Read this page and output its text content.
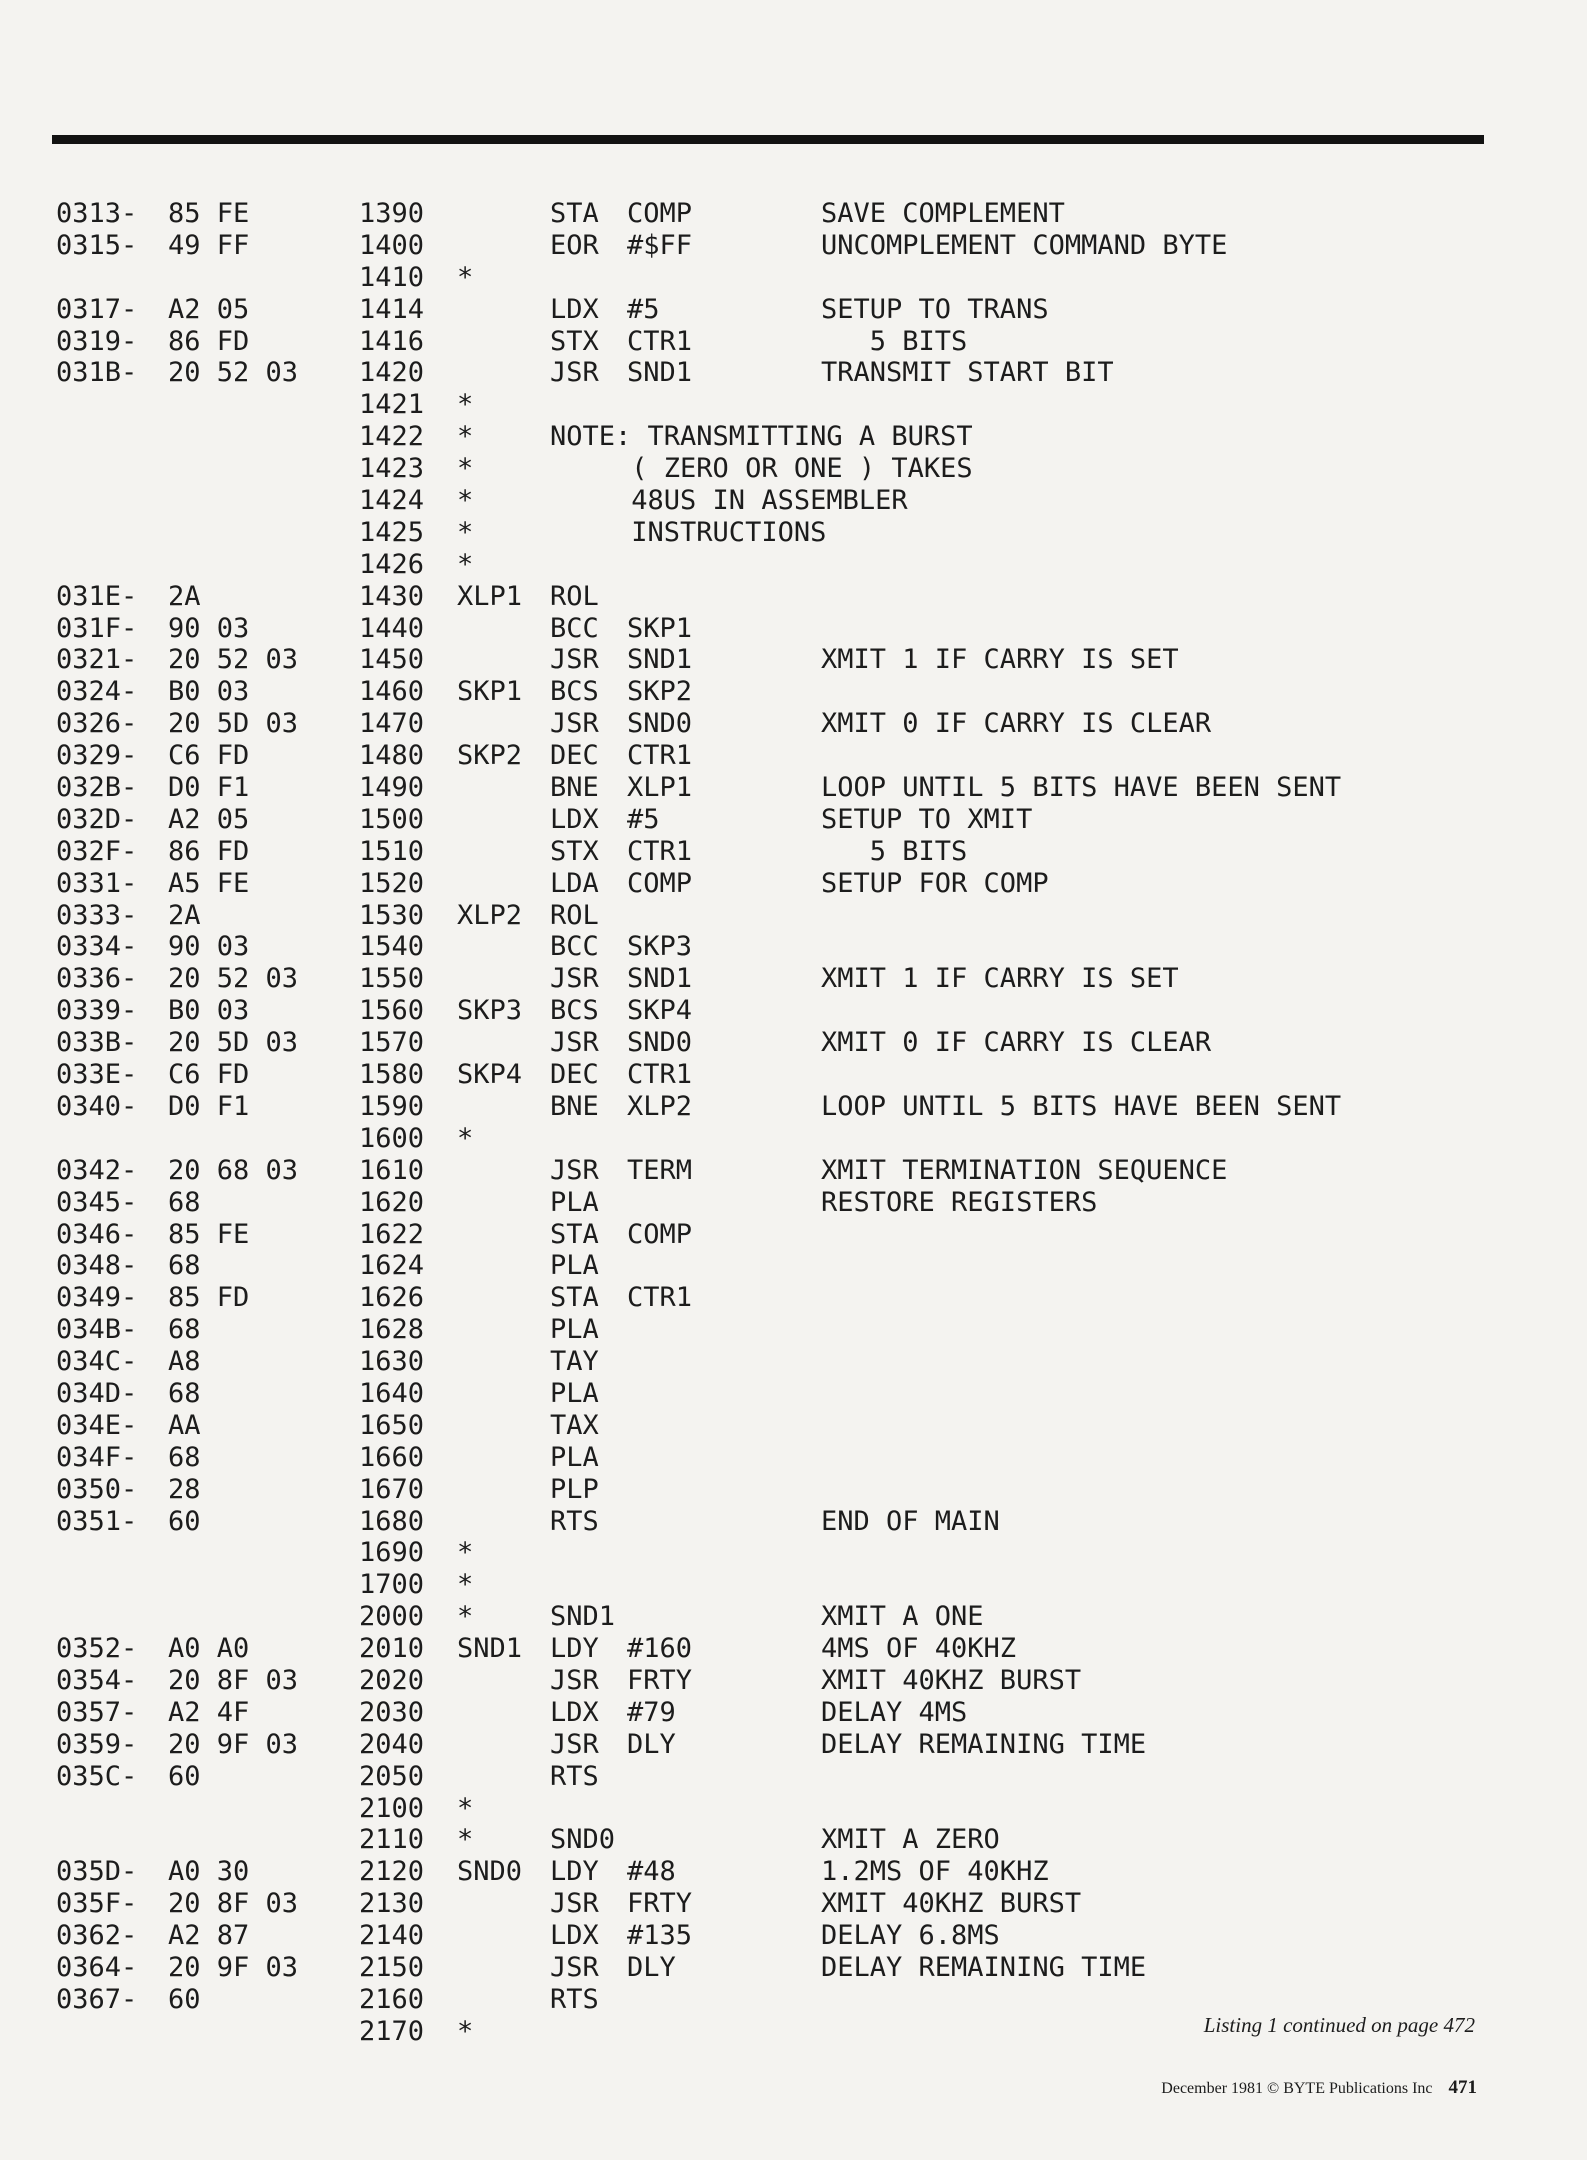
0313- 85 FE	1390	STA COMP	SAVE COMPLEMENT
0315- 49 FF	1400	EOR #$FF	UNCOMPLEMENT COMMAND BYTE
1410 *
0317- A2 05	1414	LDX #5	SETUP TO TRANS
0319- 86 FD	1416	STX CTR1	5 BITS
031B- 20 52 03 1420	JSR SND1	TRANSMIT START BIT
1421 *
1422 *	NOTE: TRANSMITTING A BURST
1423 *	( ZERO OR ONE ) TAKES
1424 *	48US IN ASSEMBLER
1425 *	INSTRUCTIONS
1426 *
031E- 2A	1430 XLP1 ROL
031F- 90 03	1440	BCC SKP1
0321- 20 52 03 1450	JSR SND1	XMIT 1 IF CARRY IS SET
0324- B0 03	1460 SKP1 BCS SKP2
0326- 20 5D 03 1470	JSR SND0	XMIT 0 IF CARRY IS CLEAR
0329- C6 FD	1480 SKP2 DEC CTR1
032B- D0 F1	1490	BNE XLP1	LOOP UNTIL 5 BITS HAVE BEEN SENT
032D- A2 05	1500	LDX #5	SETUP TO XMIT
032F- 86 FD	1510	STX CTR1	5 BITS
0331- A5 FE	1520	LDA COMP	SETUP FOR COMP
0333- 2A	1530 XLP2 ROL
0334- 90 03	1540	BCC SKP3
0336- 20 52 03 1550	JSR SND1	XMIT 1 IF CARRY IS SET
0339- B0 03	1560 SKP3 BCS SKP4
033B- 20 5D 03 1570	JSR SND0	XMIT 0 IF CARRY IS CLEAR
033E- C6 FD	1580 SKP4 DEC CTR1
0340- D0 F1	1590	BNE XLP2	LOOP UNTIL 5 BITS HAVE BEEN SENT
1600 *
0342- 20 68 03 1610	JSR TERM	XMIT TERMINATION SEQUENCE
0345- 68	1620	PLA	RESTORE REGISTERS
0346- 85 FE	1622	STA COMP
0348- 68	1624	PLA
0349- 85 FD	1626	STA CTR1
034B- 68	1628	PLA
034C- A8	1630	TAY
034D- 68	1640	PLA
034E- AA	1650	TAX
034F- 68	1660	PLA
0350- 28	1670	PLP
0351- 60	1680	RTS	END OF MAIN
1690 *
1700 *
2000 *	SND1	XMIT A ONE
0352- A0 A0	2010 SND1 LDY #160	4MS OF 40KHZ
0354- 20 8F 03 2020	JSR FRTY	XMIT 40KHZ BURST
0357- A2 4F	2030	LDX #79	DELAY 4MS
0359- 20 9F 03 2040	JSR DLY	DELAY REMAINING TIME
035C- 60	2050	RTS
2100 *
2110 *	SND0	XMIT A ZERO
035D- A0 30	2120 SND0 LDY #48	1.2MS OF 40KHZ
035F- 20 8F 03 2130	JSR FRTY	XMIT 40KHZ BURST
0362- A2 87	2140	LDX #135	DELAY 6.8MS
0364- 20 9F 03 2150	JSR DLY	DELAY REMAINING TIME
0367- 60	2160	RTS
2170 *	Listing 1 continued on page 472
December 1981 © BYTE Publications Inc 471
